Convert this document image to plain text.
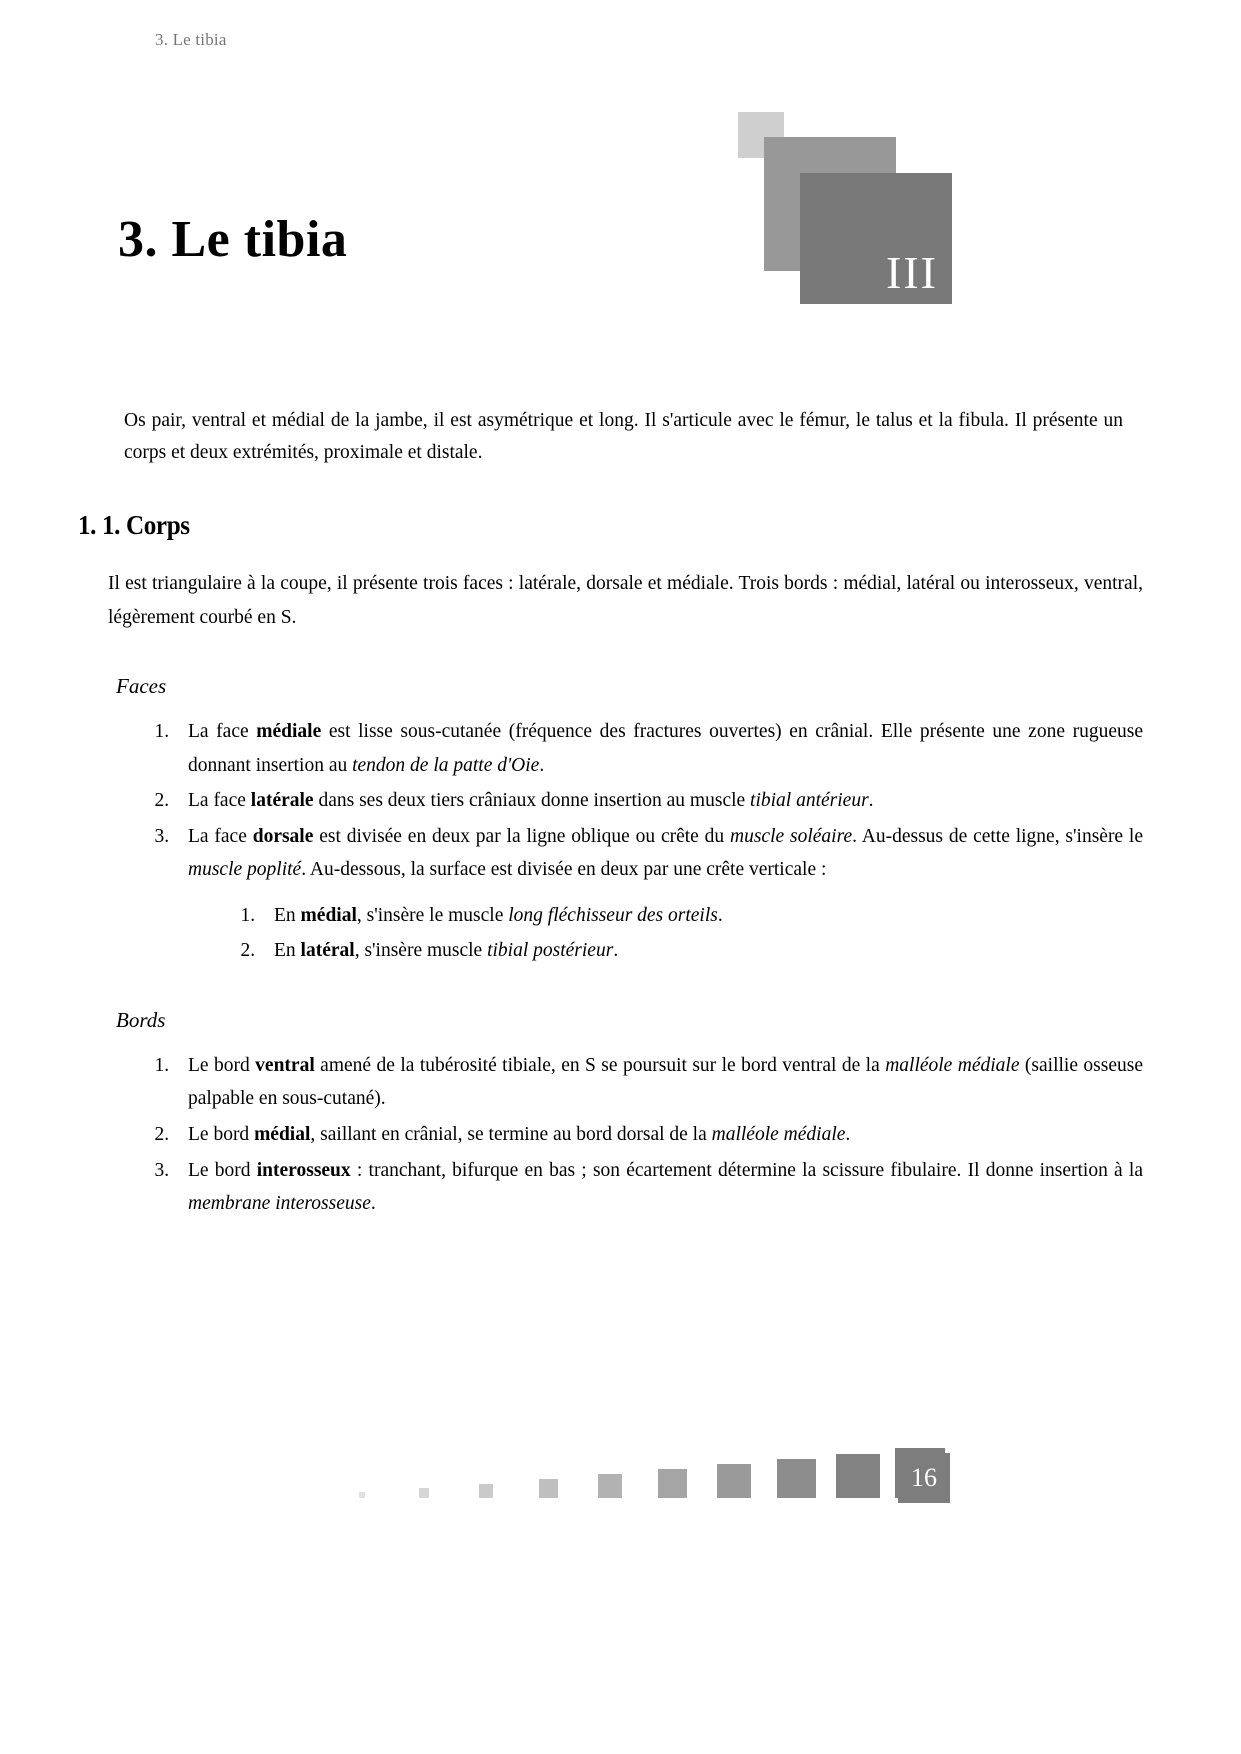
3. Le tibia
III
3. Le tibia

Os pair, ventral et médial de la jambe, il est asymétrique et long. Il s'articule avec le fémur, le talus et la fibula. Il présente un corps et deux extrémités, proximale et distale.

1. 1. Corps

Il est triangulaire à la coupe, il présente trois faces : latérale, dorsale et médiale. Trois bords : médial, latéral ou interosseux, ventral, légèrement courbé en S.

Faces
1. La face médiale est lisse sous-cutanée (fréquence des fractures ouvertes) en crânial. Elle présente une zone rugueuse donnant insertion au tendon de la patte d'Oie.
2. La face latérale dans ses deux tiers crâniaux donne insertion au muscle tibial antérieur.
3. La face dorsale est divisée en deux par la ligne oblique ou crête du muscle soléaire. Au-dessus de cette ligne, s'insère le muscle poplité. Au-dessous, la surface est divisée en deux par une crête verticale :
1. En médial, s'insère le muscle long fléchisseur des orteils.
2. En latéral, s'insère muscle tibial postérieur.
Bords
1. Le bord ventral amené de la tubérosité tibiale, en S se poursuit sur le bord ventral de la malléole médiale (saillie osseuse palpable en sous-cutané).
2. Le bord médial, saillant en crânial, se termine au bord dorsal de la malléole médiale.
3. Le bord interosseux : tranchant, bifurque en bas ; son écartement détermine la scissure fibulaire. Il donne insertion à la membrane interosseuse.
16
